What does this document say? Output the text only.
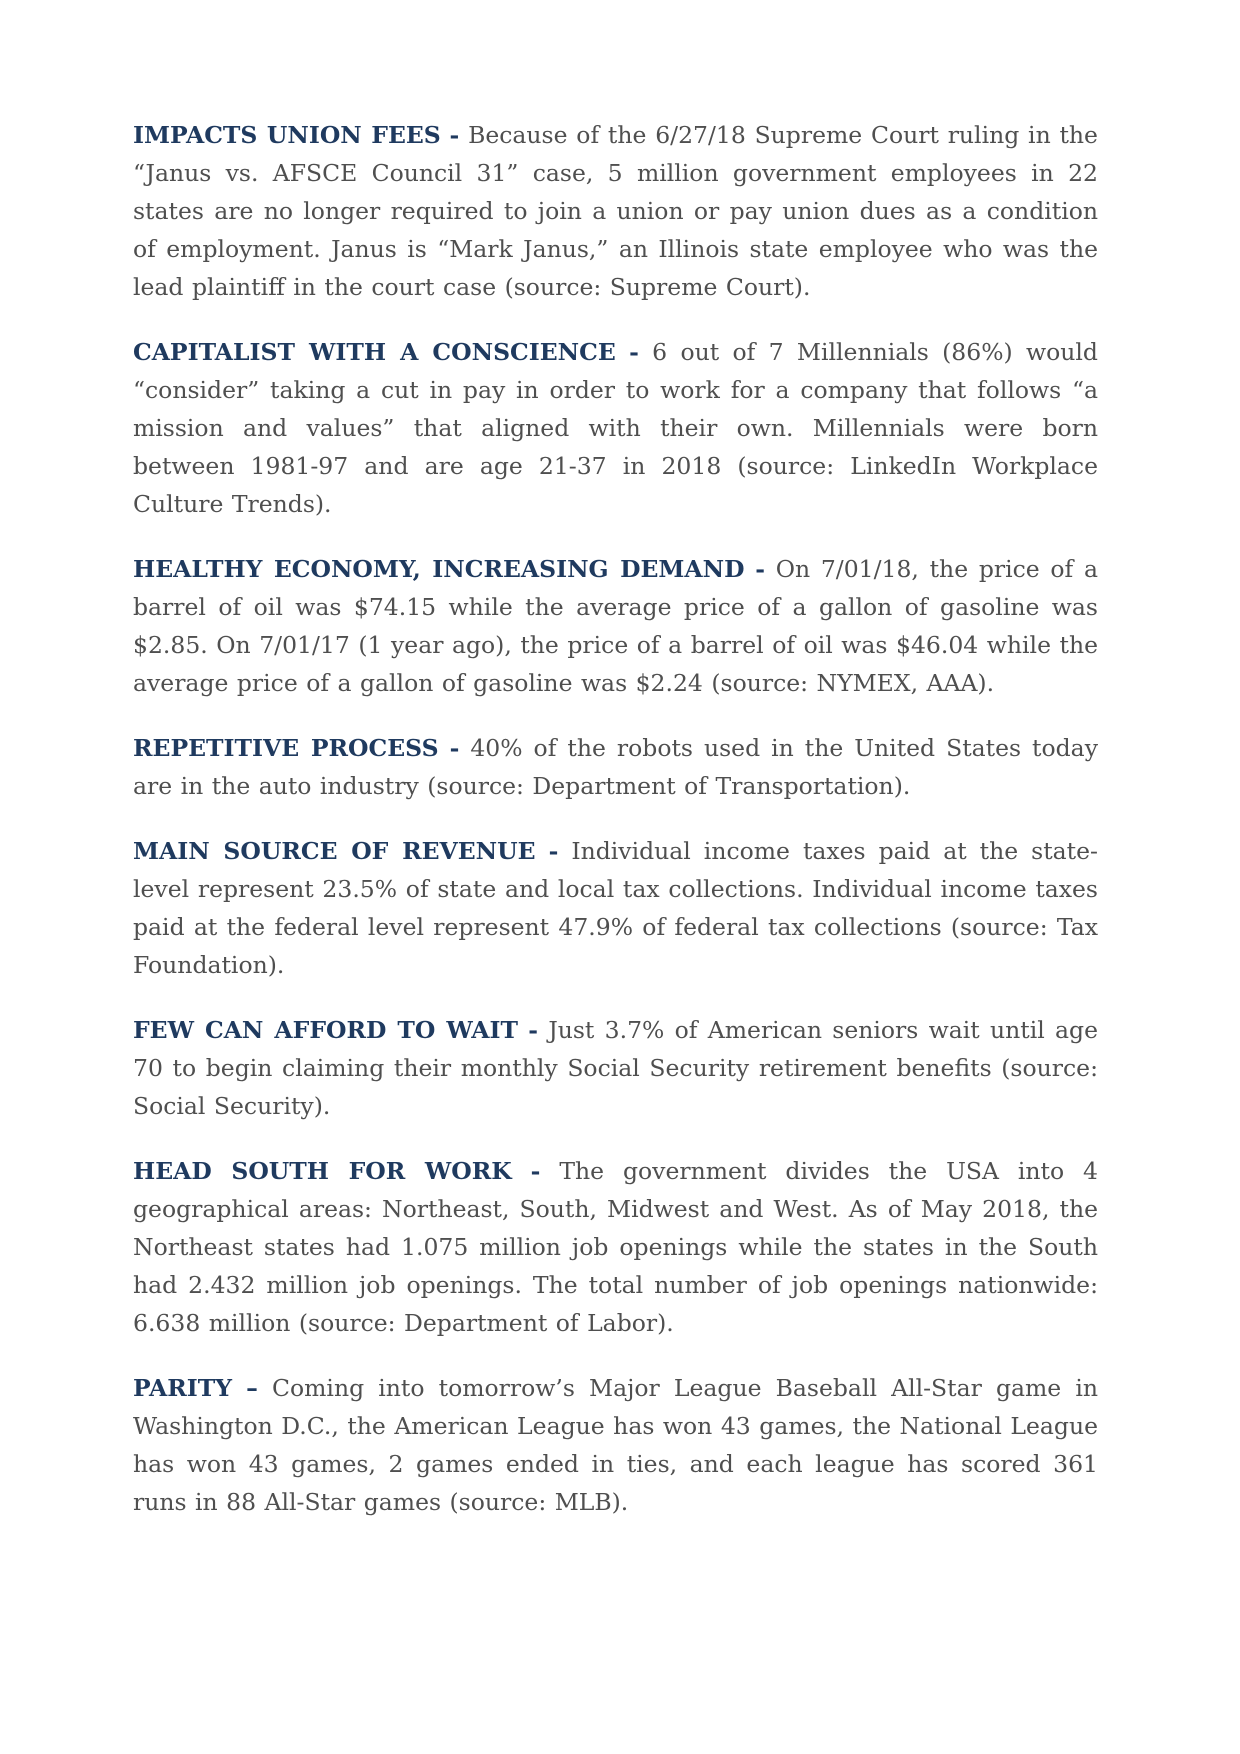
IMPACTS UNION FEES - Because of the 6/27/18 Supreme Court ruling in the “Janus vs. AFSCE Council 31” case, 5 million government employees in 22 states are no longer required to join a union or pay union dues as a condition of employment. Janus is “Mark Janus,” an Illinois state employee who was the lead plaintiff in the court case (source: Supreme Court).

CAPITALIST WITH A CONSCIENCE - 6 out of 7 Millennials (86%) would “consider” taking a cut in pay in order to work for a company that follows “a mission and values” that aligned with their own. Millennials were born between 1981-97 and are age 21-37 in 2018 (source: LinkedIn Workplace Culture Trends).

HEALTHY ECONOMY, INCREASING DEMAND - On 7/01/18, the price of a barrel of oil was $74.15 while the average price of a gallon of gasoline was $2.85. On 7/01/17 (1 year ago), the price of a barrel of oil was $46.04 while the average price of a gallon of gasoline was $2.24 (source: NYMEX, AAA).

REPETITIVE PROCESS - 40% of the robots used in the United States today are in the auto industry (source: Department of Transportation).

MAIN SOURCE OF REVENUE - Individual income taxes paid at the state-level represent 23.5% of state and local tax collections. Individual income taxes paid at the federal level represent 47.9% of federal tax collections (source: Tax Foundation).

FEW CAN AFFORD TO WAIT - Just 3.7% of American seniors wait until age 70 to begin claiming their monthly Social Security retirement benefits (source: Social Security).

HEAD SOUTH FOR WORK - The government divides the USA into 4 geographical areas: Northeast, South, Midwest and West. As of May 2018, the Northeast states had 1.075 million job openings while the states in the South had 2.432 million job openings. The total number of job openings nationwide: 6.638 million (source: Department of Labor).

PARITY – Coming into tomorrow’s Major League Baseball All-Star game in Washington D.C., the American League has won 43 games, the National League has won 43 games, 2 games ended in ties, and each league has scored 361 runs in 88 All-Star games (source: MLB).
